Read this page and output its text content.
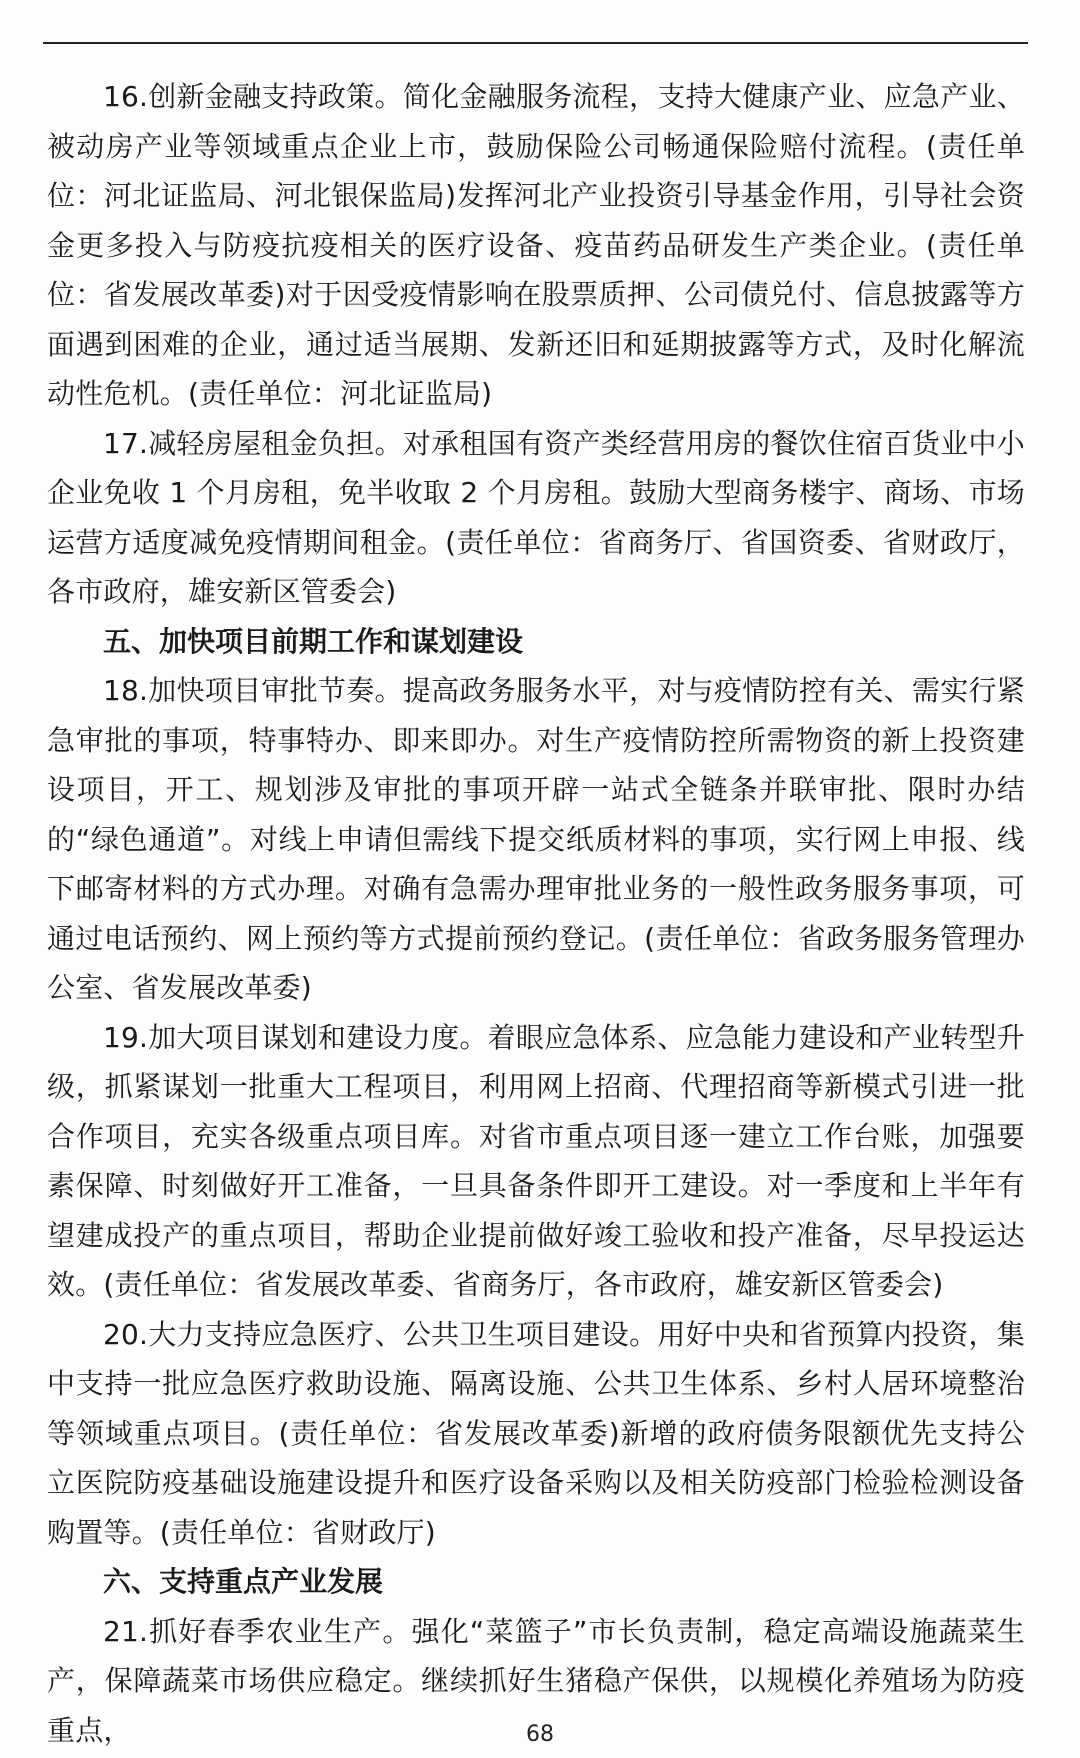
16.创新金融支持政策。简化金融服务流程，支持大健康产业、应急产业、被动房产业等领域重点企业上市，鼓励保险公司畅通保险赔付流程。(责任单位：河北证监局、河北银保监局)发挥河北产业投资引导基金作用，引导社会资金更多投入与防疫抗疫相关的医疗设备、疫苗药品研发生产类企业。(责任单位：省发展改革委)对于因受疫情影响在股票质押、公司债兑付、信息披露等方面遇到困难的企业，通过适当展期、发新还旧和延期披露等方式，及时化解流动性危机。(责任单位：河北证监局)

17.减轻房屋租金负担。对承租国有资产类经营用房的餐饮住宿百货业中小企业免收 1 个月房租，免半收取 2 个月房租。鼓励大型商务楼宇、商场、市场运营方适度减免疫情期间租金。(责任单位：省商务厅、省国资委、省财政厅，各市政府，雄安新区管委会)

五、加快项目前期工作和谋划建设

18.加快项目审批节奏。提高政务服务水平，对与疫情防控有关、需实行紧急审批的事项，特事特办、即来即办。对生产疫情防控所需物资的新上投资建设项目，开工、规划涉及审批的事项开辟一站式全链条并联审批、限时办结的“绿色通道”。对线上申请但需线下提交纸质材料的事项，实行网上申报、线下邮寄材料的方式办理。对确有急需办理审批业务的一般性政务服务事项，可通过电话预约、网上预约等方式提前预约登记。(责任单位：省政务服务管理办公室、省发展改革委)

19.加大项目谋划和建设力度。着眼应急体系、应急能力建设和产业转型升级，抓紧谋划一批重大工程项目，利用网上招商、代理招商等新模式引进一批合作项目，充实各级重点项目库。对省市重点项目逐一建立工作台账，加强要素保障、时刻做好开工准备，一旦具备条件即开工建设。对一季度和上半年有望建成投产的重点项目，帮助企业提前做好竣工验收和投产准备，尽早投运达效。(责任单位：省发展改革委、省商务厅，各市政府，雄安新区管委会)

20.大力支持应急医疗、公共卫生项目建设。用好中央和省预算内投资，集中支持一批应急医疗救助设施、隔离设施、公共卫生体系、乡村人居环境整治等领域重点项目。(责任单位：省发展改革委)新增的政府债务限额优先支持公立医院防疫基础设施建设提升和医疗设备采购以及相关防疫部门检验检测设备购置等。(责任单位：省财政厅)

六、支持重点产业发展

21.抓好春季农业生产。强化“菜篮子”市长负责制，稳定高端设施蔬菜生产，保障蔬菜市场供应稳定。继续抓好生猪稳产保供，以规模化养殖场为防疫重点，	68
